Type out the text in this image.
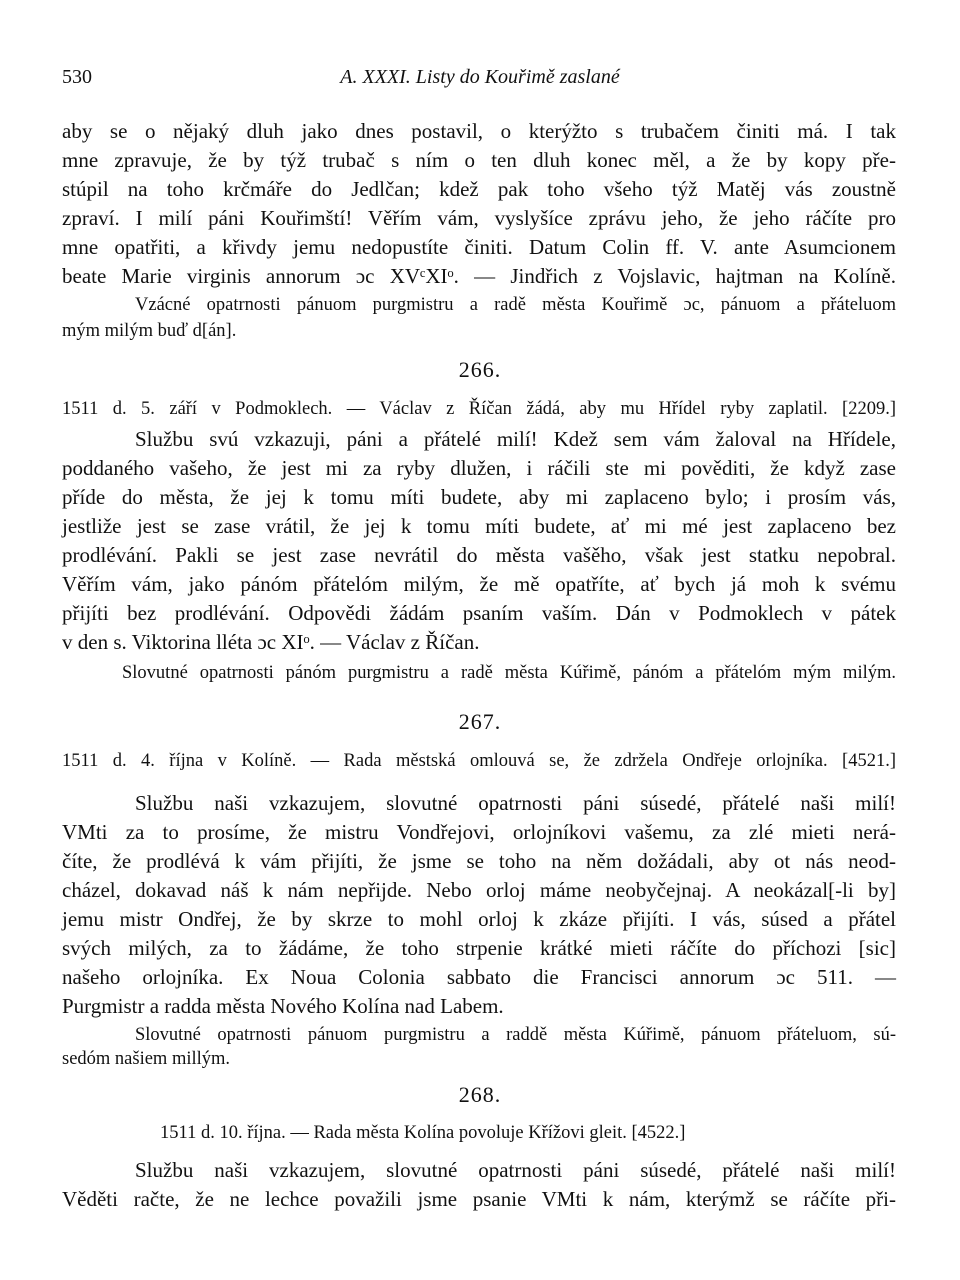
530	A. XXXI. Listy do Kouřimě zaslané
aby se o nějaký dluh jako dnes postavil, o kterýžto s trubačem činiti má. I tak
mne zpravuje, že by týž trubač s ním o ten dluh konec měl, a že by kopy pře-
stúpil na toho krčmáře do Jedlčan; kdež pak toho všeho týž Matěj vás zoustně
zpraví. I milí páni Kouřimští! Věřím vám, vyslyšíce zprávu jeho, že jeho ráčíte pro
mne opatřiti, a křivdy jemu nedopustíte činiti. Datum Colin ff. V. ante Asumcionem
beate Marie virginis annorum ɔc XVᶜXIᵒ. — Jindřich z Vojslavic, hajtman na Kolíně.
Vzácné opatrnosti pánuom purgmistru a radě města Kouřimě ɔc, pánuom a přáteluom
mým milým buď d[án].
266.
1511 d. 5. září v Podmoklech. — Václav z Říčan žádá, aby mu Hřídel ryby zaplatil. [2209.]
Službu svú vzkazuji, páni a přátelé milí! Kdež sem vám žaloval na Hřídele,
poddaného vašeho, že jest mi za ryby dlužen, i ráčili ste mi pověditi, že když zase
příde do města, že jej k tomu míti budete, aby mi zaplaceno bylo; i prosím vás,
jestliže jest se zase vrátil, že jej k tomu míti budete, ať mi mé jest zaplaceno bez
prodlévání. Pakli se jest zase nevrátil do města vašěho, však jest statku nepobral.
Věřím vám, jako pánóm přátelóm milým, že mě opatříte, ať bych já moh k svému
přijíti bez prodlévání. Odpovědi žádám psaním vaším. Dán v Podmoklech v pátek
v den s. Viktorina lléta ɔc XIᵒ. — Václav z Říčan.
Slovutné opatrnosti pánóm purgmistru a radě města Kúřimě, pánóm a přátelóm mým milým.
267.
1511 d. 4. října v Kolíně. — Rada městská omlouvá se, že zdržela Ondřeje orlojníka. [4521.]
Službu naši vzkazujem, slovutné opatrnosti páni súsedé, přátelé naši milí!
VMti za to prosíme, že mistru Vondřejovi, orlojníkovi vašemu, za zlé mieti nerá-
číte, že prodlévá k vám přijíti, že jsme se toho na něm dožádali, aby ot nás neod-
cházel, dokavad náš k nám nepřijde. Nebo orloj máme neobyčejnaj. A neokázal[-li by]
jemu mistr Ondřej, že by skrze to mohl orloj k zkáze přijíti. I vás, súsed a přátel
svých milých, za to žádáme, že toho strpenie krátké mieti ráčíte do příchozi [sic]
našeho orlojníka. Ex Noua Colonia sabbato die Francisci annorum ɔc 511. —
Purgmistr a radda města Nového Kolína nad Labem.
Slovutné opatrnosti pánuom purgmistru a raddě města Kúřimě, pánuom přáteluom, sú-
sedóm našiem millým.
268.
1511 d. 10. října. — Rada města Kolína povoluje Křížovi gleit. [4522.]
Službu naši vzkazujem, slovutné opatrnosti páni súsedé, přátelé naši milí!
Věděti račte, že ne lechce považili jsme psanie VMti k nám, kterýmž se ráčíte při-
